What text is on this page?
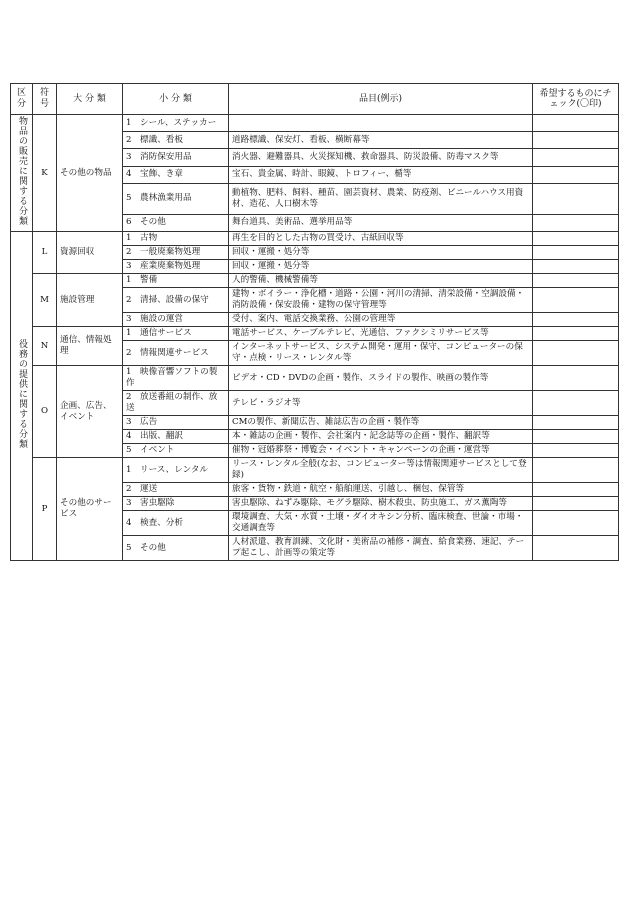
区分	符号	大 分 類	小 分 類	品目(例示)	希望するものにチェック(〇印)
物品の販売に関する分類	K	その他の物品	1 シール、ステッカー		
			2 標識、看板	道路標識、保安灯、看板、横断幕等	
			3 消防保安用品	消火器、避難器具、火災探知機、救命器具、防災設備、防毒マスク等	
			4 宝飾、き章	宝石、貴金属、時計、眼鏡、トロフィー、楯等	
			5 農林漁業用品	動植物、肥料、飼料、種苗、園芸資材、農業、防疫剤、ビニールハウス用資材、造花、人口樹木等	
			6 その他	舞台道具、美術品、選挙用品等	
役務の提供に関する分類	L	資源回収	1 古物	再生を目的とした古物の買受け、古紙回収等	
			2 一般廃棄物処理	回収・運搬・処分等	
			3 産業廃棄物処理	回収・運搬・処分等	
	M	施設管理	1 警備	人的警備、機械警備等	
			2 清掃、設備の保守	建物・ボイラー・浄化槽・道路・公園・河川の清掃、清栄設備・空調設備・消防設備・保安設備・建物の保守管理等	
			3 施設の運営	受付、案内、電話交換業務、公園の管理等	
	N	通信、情報処理	1 通信サービス	電話サービス、ケーブルテレビ、光通信、ファクシミリサービス等	
			2 情報関連サービス	インターネットサービス、システム開発・運用・保守、コンピューターの保守・点検・リース・レンタル等	
	O	企画、広告、イベント	1 映像音響ソフトの製作	ビデオ・CD・DVDの企画・製作、スライドの製作、映画の製作等	
			2 放送番組の制作、放送	テレビ・ラジオ等	
			3 広告	CMの製作、新聞広告、雑誌広告の企画・製作等	
			4 出版、翻訳	本・雑誌の企画・製作、会社案内・記念誌等の企画・製作、翻訳等	
			5 イベント	催物・冠婚葬祭・博覧会・イベント・キャンペーンの企画・運営等	
	P	その他のサービス	1 リース、レンタル	リース・レンタル全般(なお、コンピューター等は情報関連サービスとして登録)	
			2 運送	旅客・貨物・鉄道・航空・船舶運送、引越し、梱包、保管等	
			3 害虫駆除	害虫駆除、ねずみ駆除、モグラ駆除、樹木殺虫、防虫施工、ガス薫陶等	
			4 検査、分析	環境調査、大気・水質・土壌・ダイオキシン分析、臨床検査、世論・市場・交通調査等	
			5 その他	人材派遣、教育訓練、文化財・美術品の補修・調査、給食業務、速記、テープ起こし、計画等の策定等	
